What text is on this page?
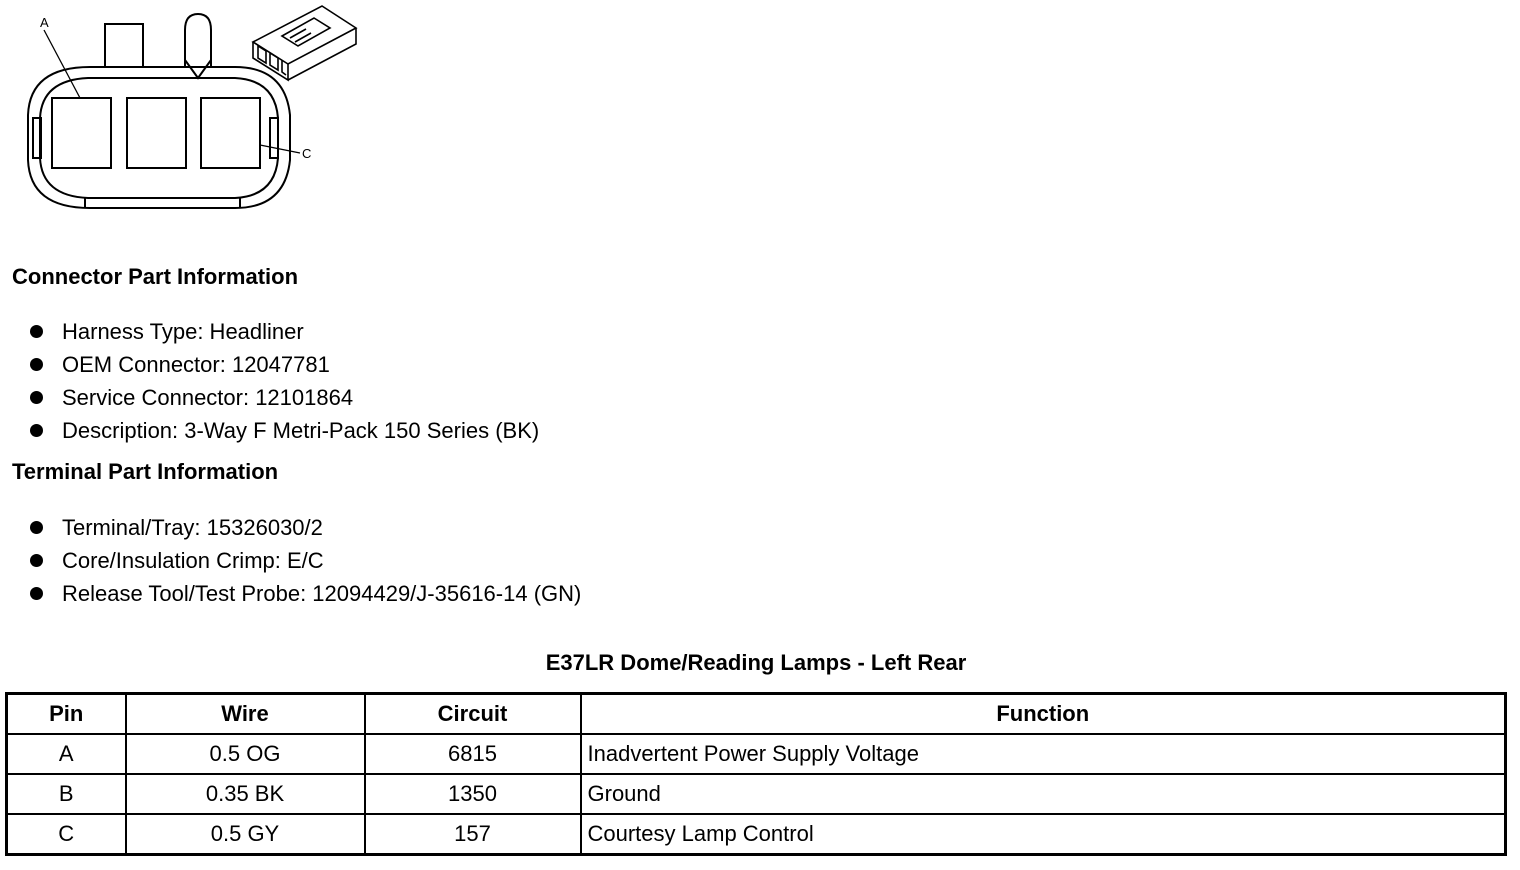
A
C
Connector Part Information
Harness Type: Headliner
OEM Connector: 12047781
Service Connector: 12101864
Description: 3-Way F Metri-Pack 150 Series (BK)
Terminal Part Information
Terminal/Tray: 15326030/2
Core/Insulation Crimp: E/C
Release Tool/Test Probe: 12094429/J-35616-14 (GN)
E37LR Dome/Reading Lamps - Left Rear
Pin	Wire	Circuit	Function
A	0.5 OG	6815	Inadvertent Power Supply Voltage
B	0.35 BK	1350	Ground
C	0.5 GY	157	Courtesy Lamp Control
